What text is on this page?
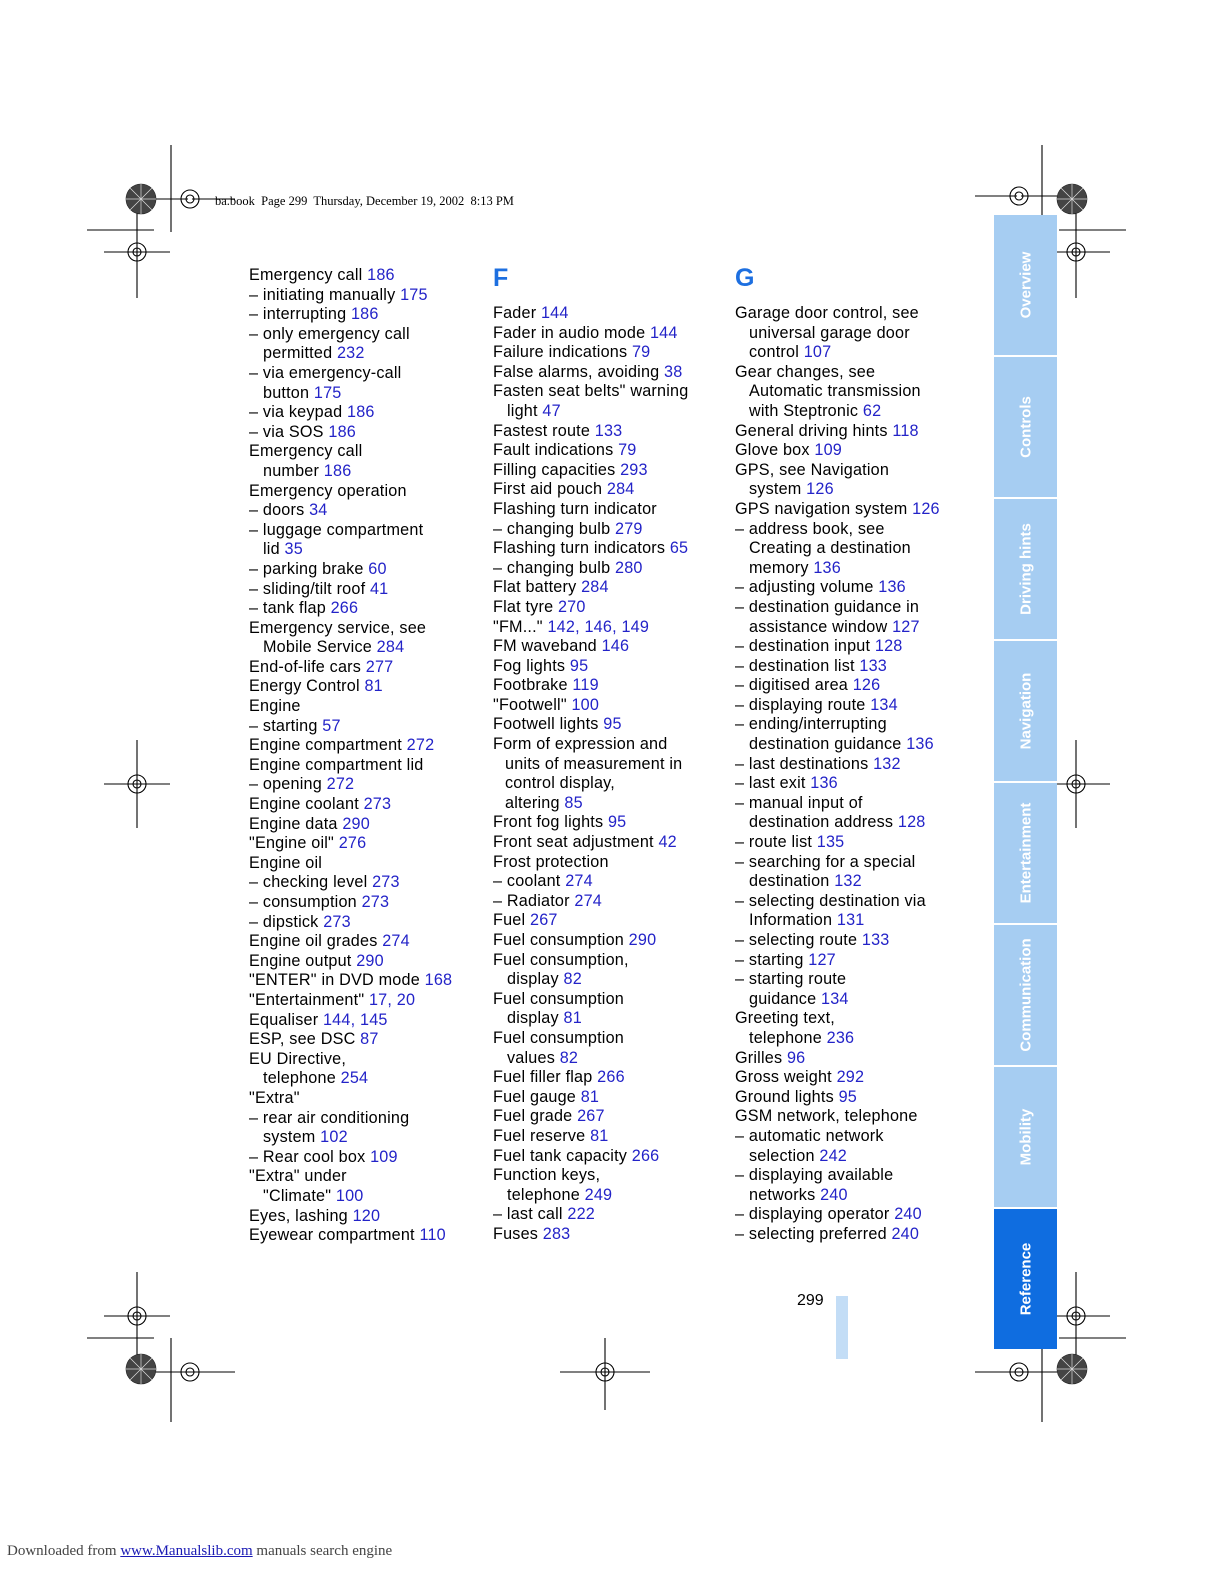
ba.book  Page 299  Thursday, December 19, 2002  8:13 PM
F	G
Emergency call 186
– initiating manually 175
– interrupting 186
– only emergency call
permitted 232
– via emergency-call
button 175
– via keypad 186
– via SOS 186
Emergency call
number 186
Emergency operation
– doors 34
– luggage compartment
lid 35
– parking brake 60
– sliding/tilt roof 41
– tank flap 266
Emergency service, see
Mobile Service 284
End-of-life cars 277
Energy Control 81
Engine
– starting 57
Engine compartment 272
Engine compartment lid
– opening 272
Engine coolant 273
Engine data 290
"Engine oil" 276
Engine oil
– checking level 273
– consumption 273
– dipstick 273
Engine oil grades 274
Engine output 290
"ENTER" in DVD mode 168
"Entertainment" 17, 20
Equaliser 144, 145
ESP, see DSC 87
EU Directive,
telephone 254
"Extra"
– rear air conditioning
system 102
– Rear cool box 109
"Extra" under
"Climate" 100
Eyes, lashing 120
Eyewear compartment 110
Fader 144
Fader in audio mode 144
Failure indications 79
False alarms, avoiding 38
Fasten seat belts" warning
light 47
Fastest route 133
Fault indications 79
Filling capacities 293
First aid pouch 284
Flashing turn indicator
– changing bulb 279
Flashing turn indicators 65
– changing bulb 280
Flat battery 284
Flat tyre 270
"FM..." 142, 146, 149
FM waveband 146
Fog lights 95
Footbrake 119
"Footwell" 100
Footwell lights 95
Form of expression and
units of measurement in
control display,
altering 85
Front fog lights 95
Front seat adjustment 42
Frost protection
– coolant 274
– Radiator 274
Fuel 267
Fuel consumption 290
Fuel consumption,
display 82
Fuel consumption
display 81
Fuel consumption
values 82
Fuel filler flap 266
Fuel gauge 81
Fuel grade 267
Fuel reserve 81
Fuel tank capacity 266
Function keys,
telephone 249
– last call 222
Fuses 283
Garage door control, see
universal garage door
control 107
Gear changes, see
Automatic transmission
with Steptronic 62
General driving hints 118
Glove box 109
GPS, see Navigation
system 126
GPS navigation system 126
– address book, see
Creating a destination
memory 136
– adjusting volume 136
– destination guidance in
assistance window 127
– destination input 128
– destination list 133
– digitised area 126
– displaying route 134
– ending/interrupting
destination guidance 136
– last destinations 132
– last exit 136
– manual input of
destination address 128
– route list 135
– searching for a special
destination 132
– selecting destination via
Information 131
– selecting route 133
– starting 127
– starting route
guidance 134
Greeting text,
telephone 236
Grilles 96
Gross weight 292
Ground lights 95
GSM network, telephone
– automatic network
selection 242
– displaying available
networks 240
– displaying operator 240
– selecting preferred 240
Overview
Controls
Driving hints
Navigation
Entertainment
Communication
Mobility
Reference
299
Downloaded from www.Manualslib.com manuals search engine
